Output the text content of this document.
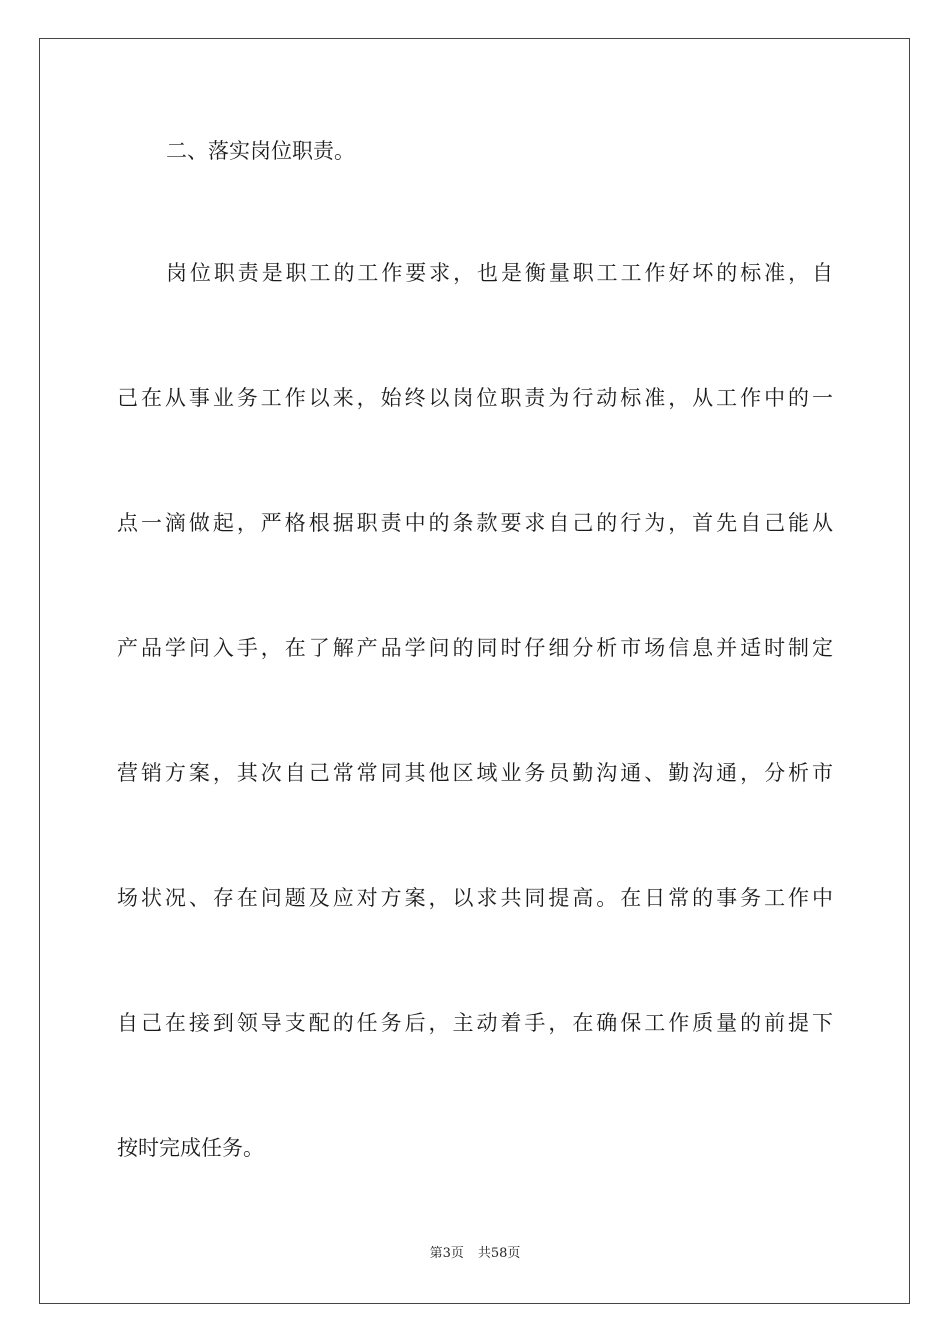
二、落实岗位职责。
岗位职责是职工的工作要求，也是衡量职工工作好坏的标准，自
己在从事业务工作以来，始终以岗位职责为行动标准，从工作中的一
点一滴做起，严格根据职责中的条款要求自己的行为，首先自己能从
产品学问入手，在了解产品学问的同时仔细分析市场信息并适时制定
营销方案，其次自己常常同其他区域业务员勤沟通、勤沟通，分析市
场状况、存在问题及应对方案，以求共同提高。在日常的事务工作中
自己在接到领导支配的任务后，主动着手，在确保工作质量的前提下
按时完成任务。
第3页 共58页
